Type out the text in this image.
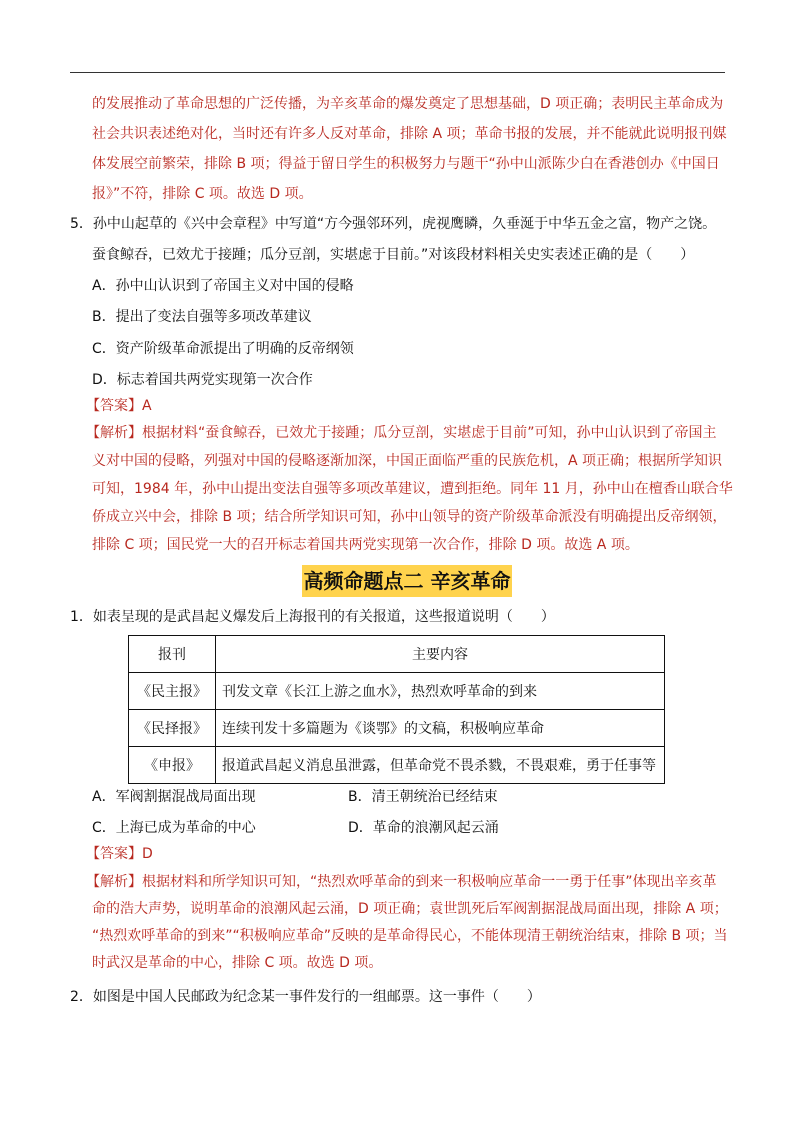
的发展推动了革命思想的广泛传播，为辛亥革命的爆发奠定了思想基础，D 项正确；表明民主革命成为
社会共识表述绝对化，当时还有许多人反对革命，排除 A 项；革命书报的发展，并不能就此说明报刊媒
体发展空前繁荣，排除 B 项；得益于留日学生的积极努力与题干“孙中山派陈少白在香港创办《中国日
报》”不符，排除 C 项。故选 D 项。
5．孙中山起草的《兴中会章程》中写道“方今强邻环列，虎视鹰瞵，久垂涎于中华五金之富，物产之饶。
蚕食鲸吞，已效尤于接踵；瓜分豆剖，实堪虑于目前。”对该段材料相关史实表述正确的是（　　）
A．孙中山认识到了帝国主义对中国的侵略
B．提出了变法自强等多项改革建议
C．资产阶级革命派提出了明确的反帝纲领
D．标志着国共两党实现第一次合作
【答案】A
【解析】根据材料“蚕食鲸吞，已效尤于接踵；瓜分豆剖，实堪虑于目前”可知，孙中山认识到了帝国主
义对中国的侵略，列强对中国的侵略逐渐加深，中国正面临严重的民族危机，A 项正确；根据所学知识
可知，1984 年，孙中山提出变法自强等多项改革建议，遭到拒绝。同年 11 月，孙中山在檀香山联合华
侨成立兴中会，排除 B 项；结合所学知识可知，孙中山领导的资产阶级革命派没有明确提出反帝纲领，
排除 C 项；国民党一大的召开标志着国共两党实现第一次合作，排除 D 项。故选 A 项。
高频命题点二 辛亥革命
1．如表呈现的是武昌起义爆发后上海报刊的有关报道，这些报道说明（　　）
报刊	主要内容
《民主报》	刊发文章《长江上游之血水》，热烈欢呼革命的到来
《民择报》	连续刊发十多篇题为《谈鄂》的文稿，积极响应革命
《申报》	报道武昌起义消息虽泄露，但革命党不畏杀戮，不畏艰难，勇于任事等
A．军阀割据混战局面出现	B．清王朝统治已经结束
C．上海已成为革命的中心	D．革命的浪潮风起云涌
【答案】D
【解析】根据材料和所学知识可知，“热烈欢呼革命的到来一积极响应革命一一勇于任事”体现出辛亥革
命的浩大声势，说明革命的浪潮风起云涌，D 项正确；袁世凯死后军阀割据混战局面出现，排除 A 项；
“热烈欢呼革命的到来”“积极响应革命”反映的是革命得民心，不能体现清王朝统治结束，排除 B 项；当
时武汉是革命的中心，排除 C 项。故选 D 项。
2．如图是中国人民邮政为纪念某一事件发行的一组邮票。这一事件（　　）
